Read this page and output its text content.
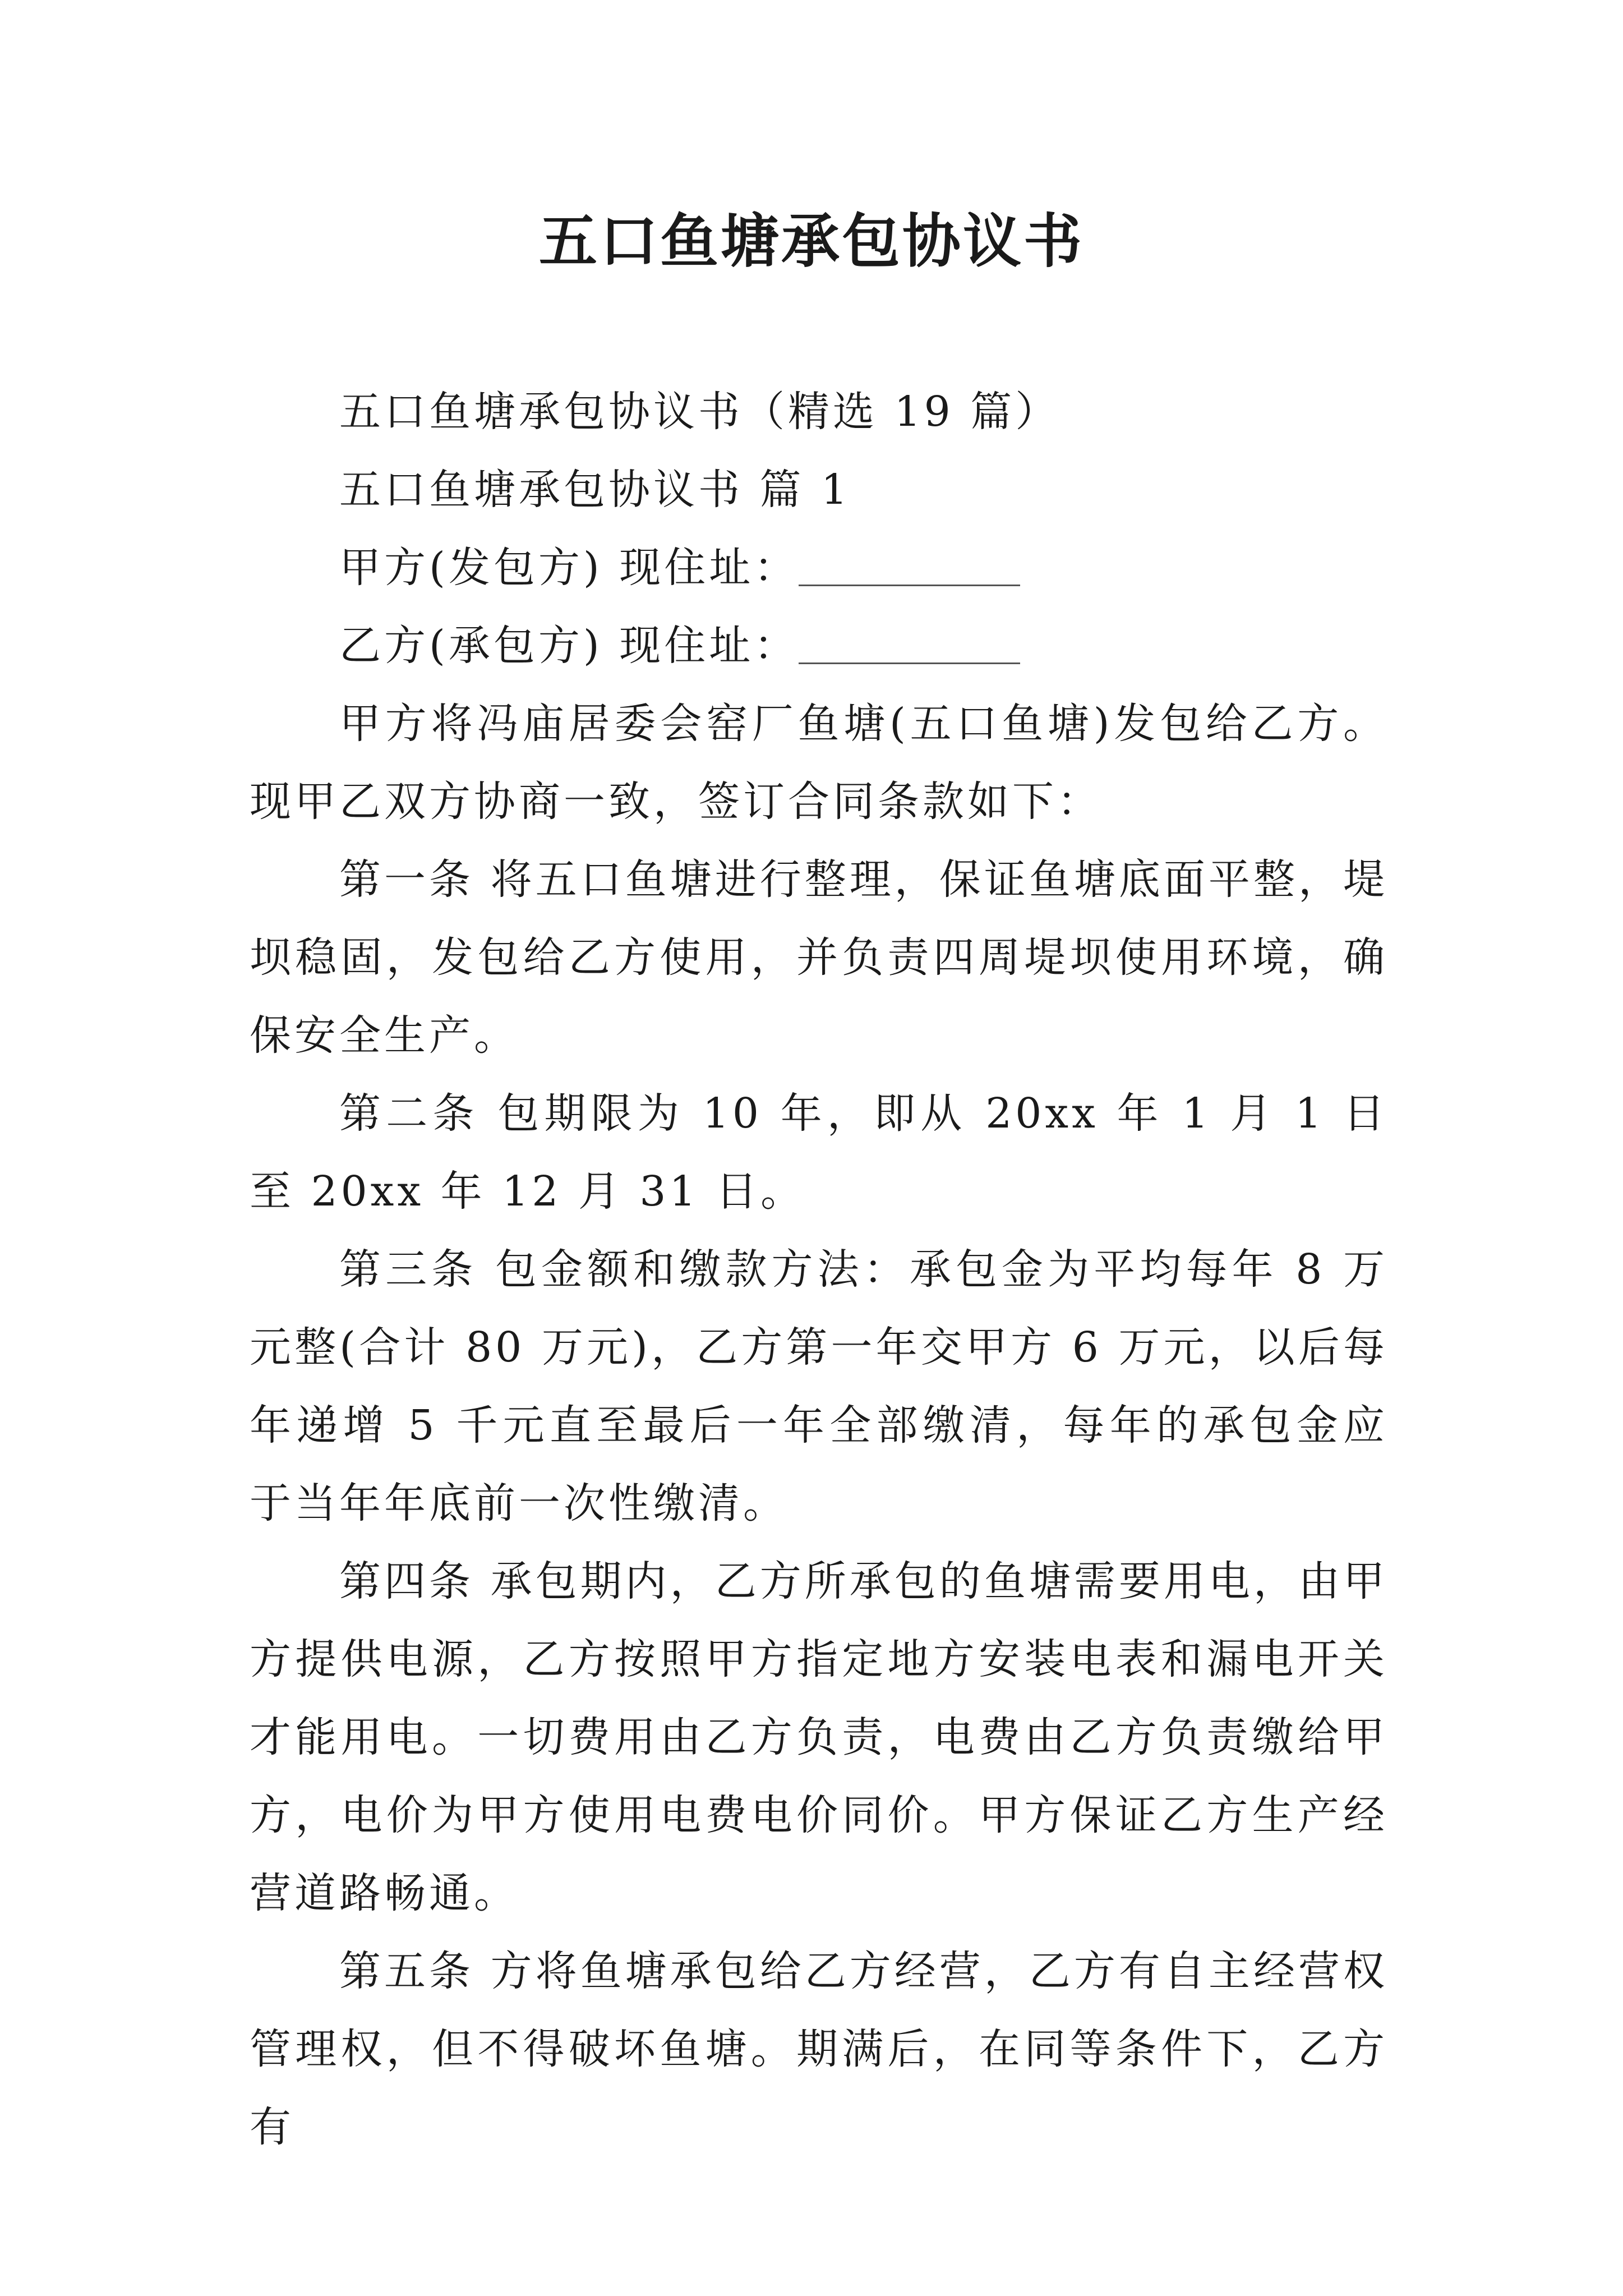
五口鱼塘承包协议书

五口鱼塘承包协议书（精选 19 篇）

五口鱼塘承包协议书 篇 1

甲方(发包方) 现住址：

乙方(承包方) 现住址：

甲方将冯庙居委会窑厂鱼塘(五口鱼塘)发包给乙方。现甲乙双方协商一致，签订合同条款如下：

第一条 将五口鱼塘进行整理，保证鱼塘底面平整，堤坝稳固，发包给乙方使用，并负责四周堤坝使用环境，确保安全生产。

第二条 包期限为 10 年，即从 20xx 年 1 月 1 日至 20xx 年 12 月 31 日。

第三条 包金额和缴款方法：承包金为平均每年 8 万元整(合计 80 万元)，乙方第一年交甲方 6 万元，以后每年递增 5 千元直至最后一年全部缴清，每年的承包金应于当年年底前一次性缴清。

第四条 承包期内，乙方所承包的鱼塘需要用电，由甲方提供电源，乙方按照甲方指定地方安装电表和漏电开关才能用电。一切费用由乙方负责，电费由乙方负责缴给甲方，电价为甲方使用电费电价同价。甲方保证乙方生产经营道路畅通。

第五条 方将鱼塘承包给乙方经营，乙方有自主经营权管理权，但不得破坏鱼塘。期满后，在同等条件下，乙方有
